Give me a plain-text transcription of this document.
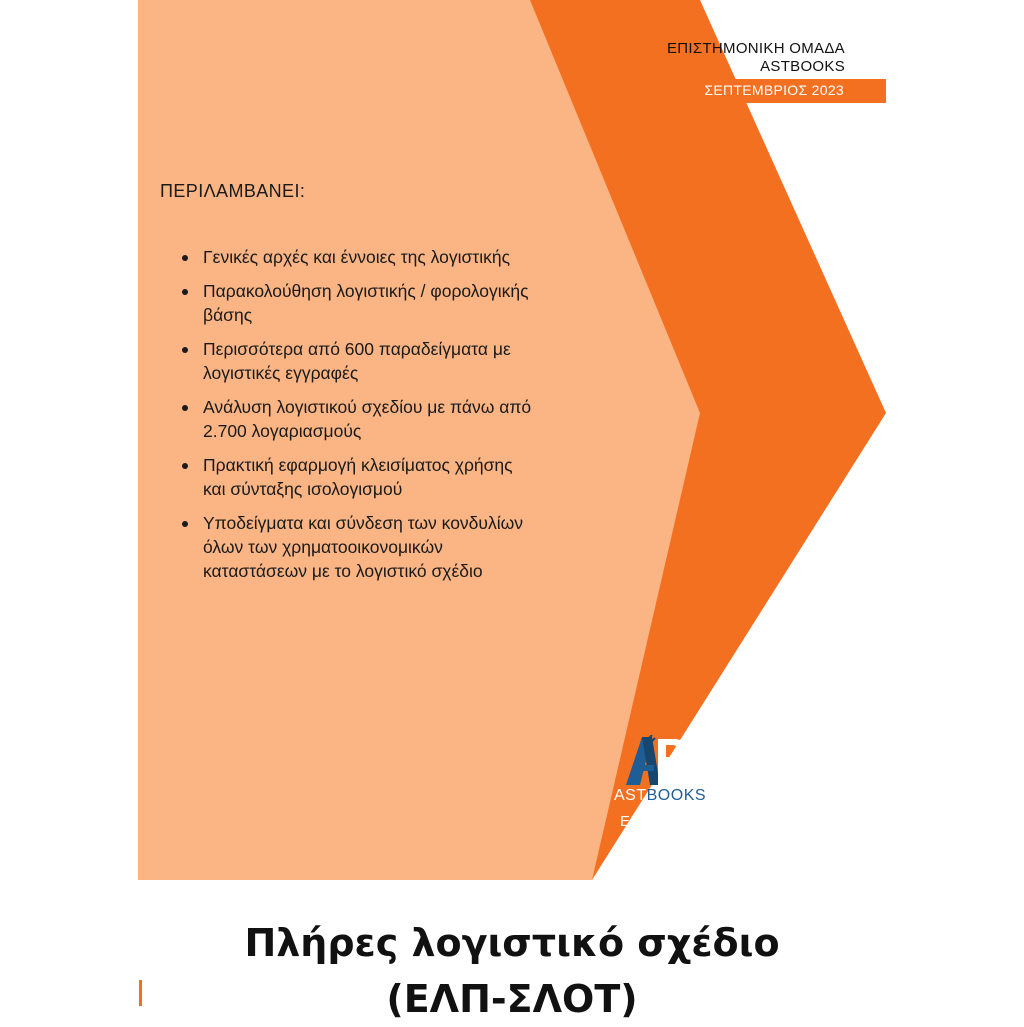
ΕΠΙΣΤΗΜΟΝΙΚΗ ΟΜΑΔΑ
ASTBOOKS
ΣΕΠΤΕΜΒΡΙΟΣ 2023
ΠΕΡΙΛΑΜΒΑΝΕΙ:
Γενικές αρχές και έννοιες της λογιστικής
Παρακολούθηση λογιστικής / φορολογικής
βάσης
Περισσότερα από 600 παραδείγματα με
λογιστικές εγγραφές
Ανάλυση λογιστικού σχεδίου με πάνω από
2.700 λογαριασμούς
Πρακτική εφαρμογή κλεισίματος χρήσης
και σύνταξης ισολογισμού
Υποδείγματα και σύνδεση των κονδυλίων
όλων των χρηματοοικονομικών
καταστάσεων με το λογιστικό σχέδιο
ASTBOOKS
ΕΚΔΟΣΕΙΣ
Πλήρες λογιστικό σχέδιο
(ΕΛΠ-ΣΛΟΤ)
